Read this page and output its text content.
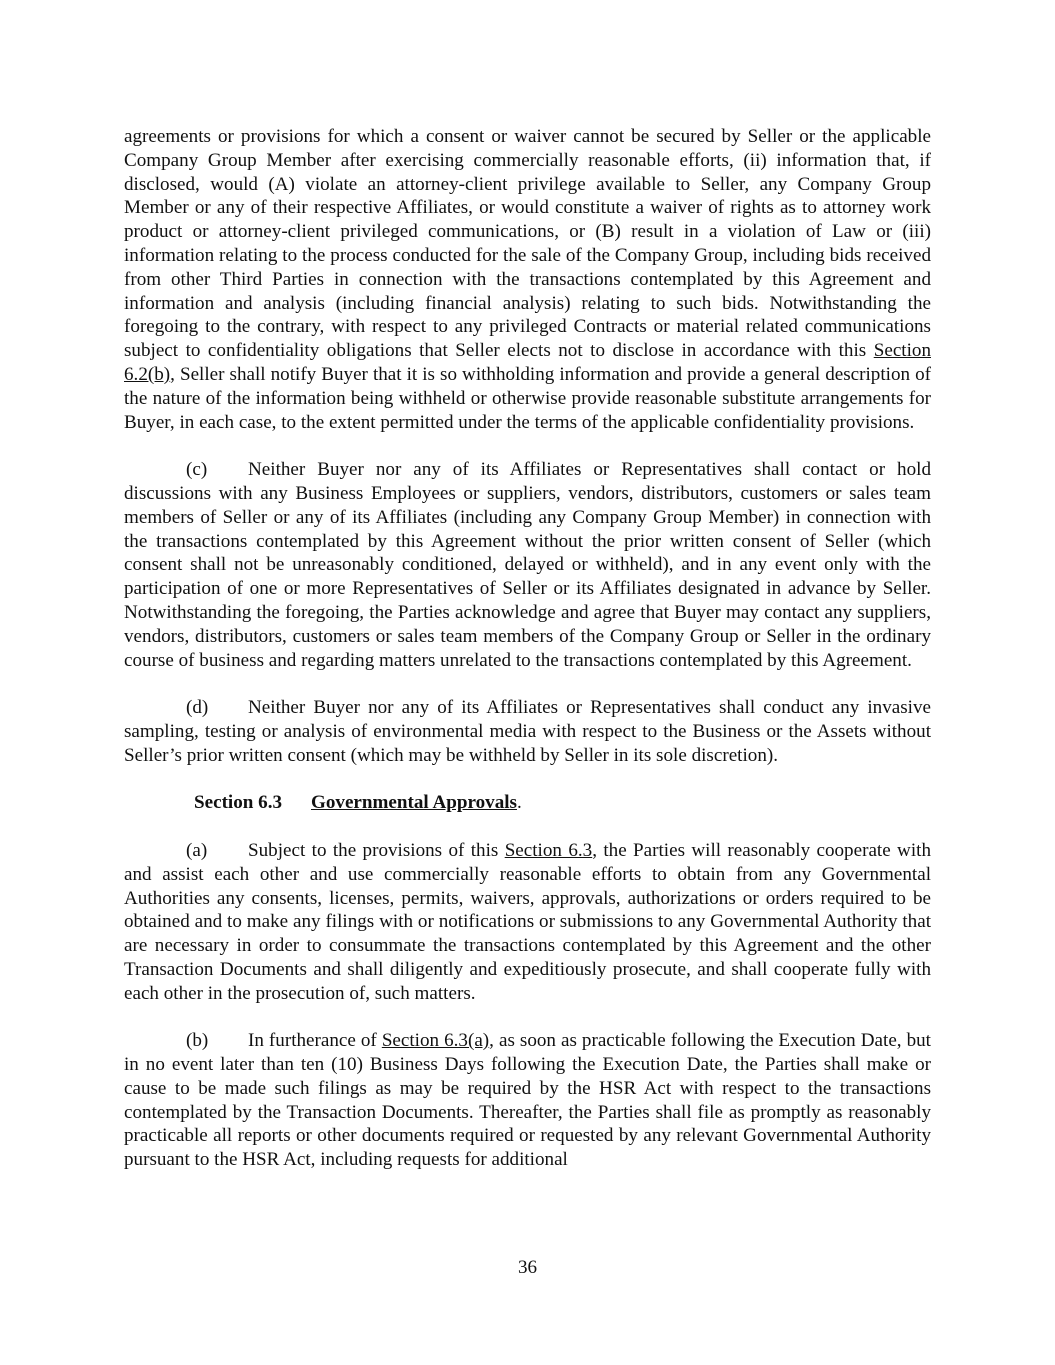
agreements or provisions for which a consent or waiver cannot be secured by Seller or the applicable Company Group Member after exercising commercially reasonable efforts, (ii) information that, if disclosed, would (A) violate an attorney-client privilege available to Seller, any Company Group Member or any of their respective Affiliates, or would constitute a waiver of rights as to attorney work product or attorney-client privileged communications, or (B) result in a violation of Law or (iii) information relating to the process conducted for the sale of the Company Group, including bids received from other Third Parties in connection with the transactions contemplated by this Agreement and information and analysis (including financial analysis) relating to such bids. Notwithstanding the foregoing to the contrary, with respect to any privileged Contracts or material related communications subject to confidentiality obligations that Seller elects not to disclose in accordance with this Section 6.2(b), Seller shall notify Buyer that it is so withholding information and provide a general description of the nature of the information being withheld or otherwise provide reasonable substitute arrangements for Buyer, in each case, to the extent permitted under the terms of the applicable confidentiality provisions.

(c) Neither Buyer nor any of its Affiliates or Representatives shall contact or hold discussions with any Business Employees or suppliers, vendors, distributors, customers or sales team members of Seller or any of its Affiliates (including any Company Group Member) in connection with the transactions contemplated by this Agreement without the prior written consent of Seller (which consent shall not be unreasonably conditioned, delayed or withheld), and in any event only with the participation of one or more Representatives of Seller or its Affiliates designated in advance by Seller. Notwithstanding the foregoing, the Parties acknowledge and agree that Buyer may contact any suppliers, vendors, distributors, customers or sales team members of the Company Group or Seller in the ordinary course of business and regarding matters unrelated to the transactions contemplated by this Agreement.

(d) Neither Buyer nor any of its Affiliates or Representatives shall conduct any invasive sampling, testing or analysis of environmental media with respect to the Business or the Assets without Seller’s prior written consent (which may be withheld by Seller in its sole discretion).

Section 6.3 Governmental Approvals.

(a) Subject to the provisions of this Section 6.3, the Parties will reasonably cooperate with and assist each other and use commercially reasonable efforts to obtain from any Governmental Authorities any consents, licenses, permits, waivers, approvals, authorizations or orders required to be obtained and to make any filings with or notifications or submissions to any Governmental Authority that are necessary in order to consummate the transactions contemplated by this Agreement and the other Transaction Documents and shall diligently and expeditiously prosecute, and shall cooperate fully with each other in the prosecution of, such matters.

(b) In furtherance of Section 6.3(a), as soon as practicable following the Execution Date, but in no event later than ten (10) Business Days following the Execution Date, the Parties shall make or cause to be made such filings as may be required by the HSR Act with respect to the transactions contemplated by the Transaction Documents. Thereafter, the Parties shall file as promptly as reasonably practicable all reports or other documents required or requested by any relevant Governmental Authority pursuant to the HSR Act, including requests for additional

36
